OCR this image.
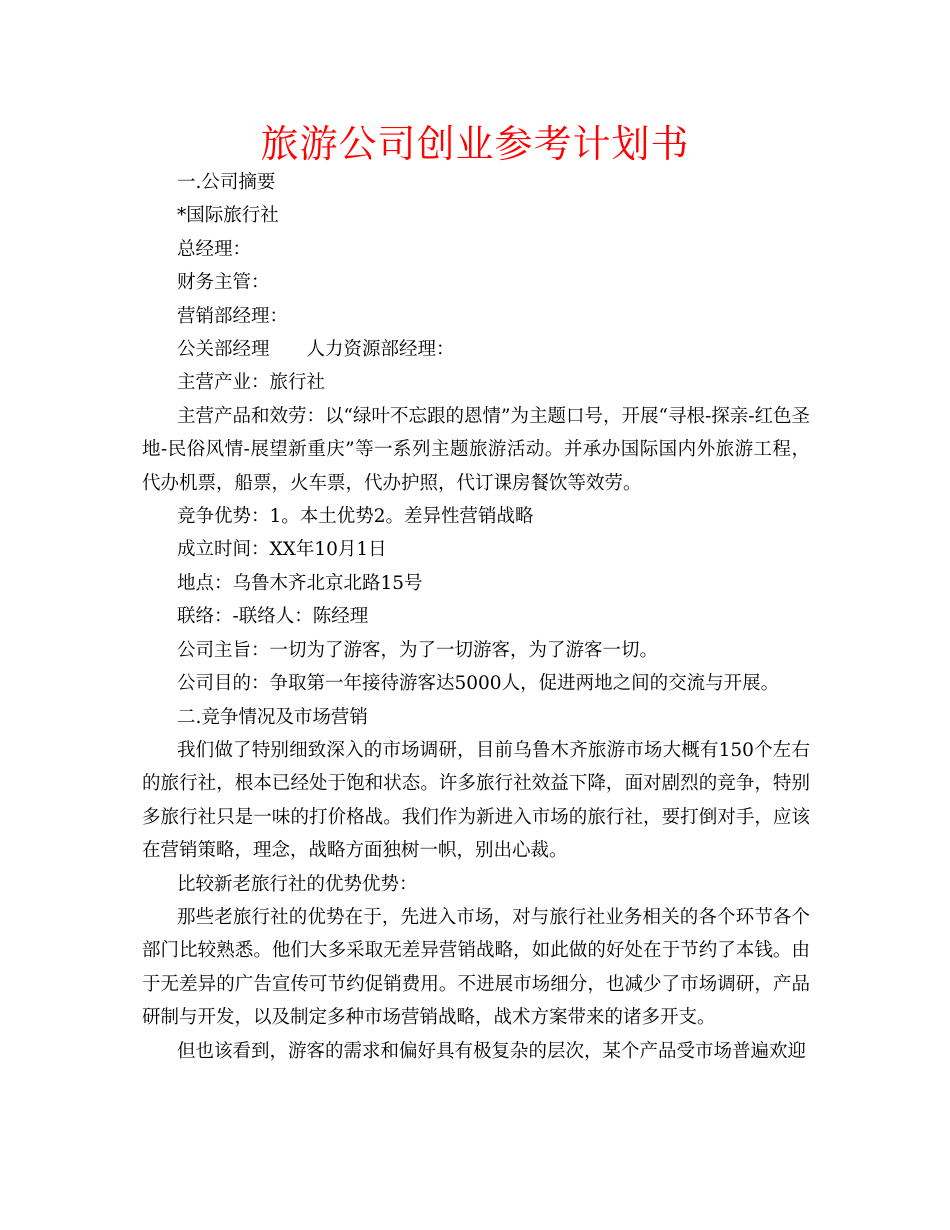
旅游公司创业参考计划书

一.公司摘要

*国际旅行社

总经理：

财务主管：

营销部经理：

公关部经理　　人力资源部经理：

主营产业：旅行社

主营产品和效劳：以“绿叶不忘跟的恩情”为主题口号，开展“寻根-探亲-红色圣地-民俗风情-展望新重庆”等一系列主题旅游活动。并承办国际国内外旅游工程，代办机票，船票，火车票，代办护照，代订课房餐饮等效劳。

竞争优势：1。本土优势2。差异性营销战略

成立时间：XX年10月1日

地点：乌鲁木齐北京北路15号

联络：-联络人：陈经理

公司主旨：一切为了游客，为了一切游客，为了游客一切。

公司目的：争取第一年接待游客达5000人，促进两地之间的交流与开展。

二.竞争情况及市场营销

我们做了特别细致深入的市场调研，目前乌鲁木齐旅游市场大概有150个左右的旅行社，根本已经处于饱和状态。许多旅行社效益下降，面对剧烈的竞争，特别多旅行社只是一味的打价格战。我们作为新进入市场的旅行社，要打倒对手，应该在营销策略，理念，战略方面独树一帜，别出心裁。

比较新老旅行社的优势优势：

那些老旅行社的优势在于，先进入市场，对与旅行社业务相关的各个环节各个部门比较熟悉。他们大多采取无差异营销战略，如此做的好处在于节约了本钱。由于无差异的广告宣传可节约促销费用。不进展市场细分，也减少了市场调研，产品研制与开发，以及制定多种市场营销战略，战术方案带来的诸多开支。

但也该看到，游客的需求和偏好具有极复杂的层次，某个产品受市场普遍欢迎
